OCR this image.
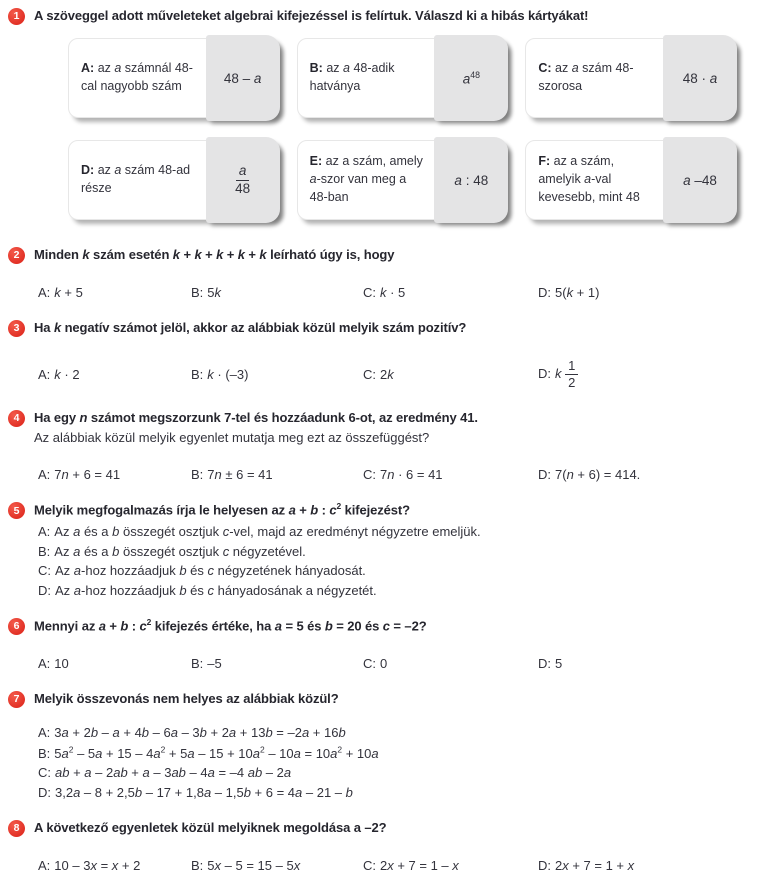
1	A szöveggel adott műveleteket algebrai kifejezéssel is felírtuk. Válaszd ki a hibás kártyákat!

A: az a számnál 48-cal nagyobb szám

48 – a

B: az a 48-adik hatványa	$a^{48}$	C: az a szám 48-szorosa

48 · a

D: az a szám 48-ad része	$\frac{a}{48}$

E: az a szám, amely a-szor van meg a 48-ban

a : 48

F: az a szám, amelyik a-val kevesebb, mint 48

a –48
2	Minden k szám esetén k + k + k + k + k leírható úgy is, hogy

A: k + 5	B: 5k	C: k · 5	D: 5(k + 1)

3	Ha k negatív számot jelöl, akkor az alábbiak közül melyik szám pozitív?

A: k · 2	B: k · (–3)	C: 2k	D: k $\frac{1}{2}$

4	Ha egy n számot megszorzunk 7-tel és hozzáadunk 6-ot, az eredmény 41.

Az alábbiak közül melyik egyenlet mutatja meg ezt az összefüggést?

A: 7n + 6 = 41	B: 7n ± 6 = 41	C: 7n · 6 = 41	D: 7(n + 6) = 414.

5	Melyik megfogalmazás írja le helyesen az a + b : $c^2$ kifejezést?

A: Az a és a b összegét osztjuk c-vel, majd az eredményt négyzetre emeljük.

B: Az a és a b összegét osztjuk c négyzetével.

C: Az a-hoz hozzáadjuk b és c négyzetének hányadosát.

D: Az a-hoz hozzáadjuk b és c hányadosának a négyzetét.

6	Mennyi az a + b : $c^2$ kifejezés értéke, ha a = 5 és b = 20 és c = –2?

A: 10	B: –5	C: 0	D: 5

7	Melyik összevonás nem helyes az alábbiak közül?

A: 3a + 2b – a + 4b – 6a – 3b + 2a + 13b = –2a + 16b

B: $5a^2 - 5a + 15 - 4a^2 + 5a - 15 + 10a^2 - 10a = 10a^2 + 10a$

C: ab + a – 2ab + a – 3ab – 4a = –4 ab – 2a

D: 3,2a – 8 + 2,5b – 17 + 1,8a – 1,5b + 6 = 4a – 21 – b

8	A következő egyenletek közül melyiknek megoldása a –2?

A: 10 – 3x = x + 2	B: 5x – 5 = 15 – 5x	C: 2x + 7 = 1 – x	D: 2x + 7 = 1 + x
